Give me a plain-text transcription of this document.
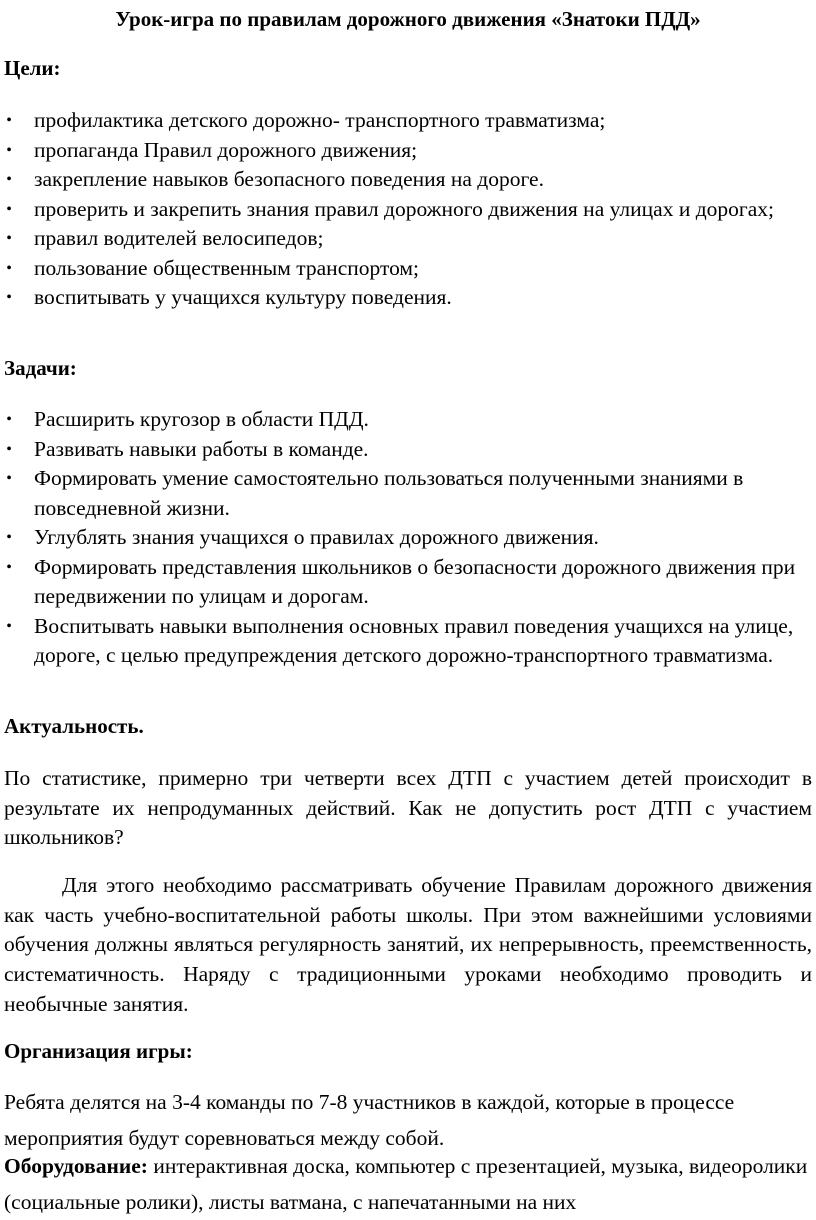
Урок-игра по правилам дорожного движения «Знатоки ПДД»
Цели:
• профилактика детского дорожно- транспортного травматизма;
• пропаганда Правил дорожного движения;
• закрепление навыков безопасного поведения на дороге.
• проверить и закрепить знания правил дорожного движения на улицах и дорогах;
• правил водителей велосипедов;
• пользование общественным транспортом;
• воспитывать у учащихся культуру поведения.
Задачи:
• Расширить кругозор в области ПДД.
• Развивать навыки работы в команде.
• Формировать умение самостоятельно пользоваться полученными знаниями в повседневной жизни.
• Углублять знания учащихся о правилах дорожного движения.
• Формировать представления школьников о безопасности дорожного движения при передвижении по улицам и дорогам.
• Воспитывать навыки выполнения основных правил поведения учащихся на улице, дороге, с целью предупреждения детского дорожно-транспортного травматизма.
Актуальность.

По статистике, примерно три четверти всех ДТП с участием детей происходит в результате их непродуманных действий. Как не допустить рост ДТП с участием школьников?

Для этого необходимо рассматривать обучение Правилам дорожного движения как часть учебно-воспитательной работы школы. При этом важнейшими условиями обучения должны являться регулярность занятий, их непрерывность, преемственность, систематичность. Наряду с традиционными уроками необходимо проводить и необычные занятия.

Организация игры:

Ребята делятся на 3-4 команды по 7-8 участников в каждой, которые в процессе мероприятия будут соревноваться между собой.

Оборудование: интерактивная доска, компьютер с презентацией, музыка, видеоролики (социальные ролики), листы ватмана, с напечатанными на них
